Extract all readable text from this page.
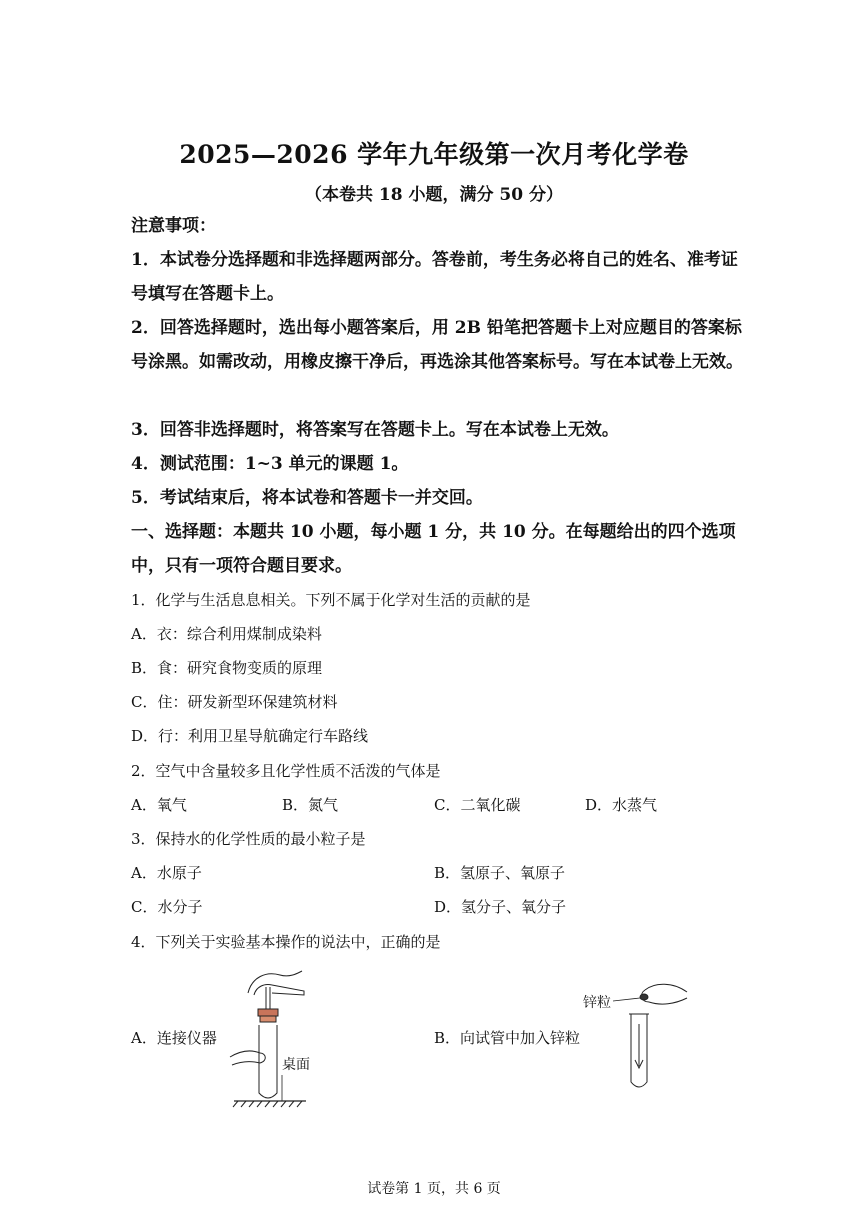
2025—2026 学年九年级第一次月考化学卷
（本卷共 18 小题，满分 50 分）
注意事项：
1．本试卷分选择题和非选择题两部分。答卷前，考生务必将自己的姓名、准考证号填写在答题卡上。
2．回答选择题时，选出每小题答案后，用 2B 铅笔把答题卡上对应题目的答案标号涂黑。如需改动，用橡皮擦干净后，再选涂其他答案标号。写在本试卷上无效。
3．回答非选择题时，将答案写在答题卡上。写在本试卷上无效。
4．测试范围：1~3 单元的课题 1。
5．考试结束后，将本试卷和答题卡一并交回。
一、选择题：本题共 10 小题，每小题 1 分，共 10 分。在每题给出的四个选项中，只有一项符合题目要求。
1．化学与生活息息相关。下列不属于化学对生活的贡献的是
A．衣：综合利用煤制成染料
B．食：研究食物变质的原理
C．住：研发新型环保建筑材料
D．行：利用卫星导航确定行车路线
2．空气中含量较多且化学性质不活泼的气体是
A．氧气	B．氮气	C．二氧化碳	D．水蒸气
3．保持水的化学性质的最小粒子是
A．水原子	B．氢原子、氧原子
C．水分子	D．氢分子、氧分子
4．下列关于实验基本操作的说法中，正确的是
A．连接仪器	B．向试管中加入锌粒
桌面
锌粒
试卷第 1 页，共 6 页
